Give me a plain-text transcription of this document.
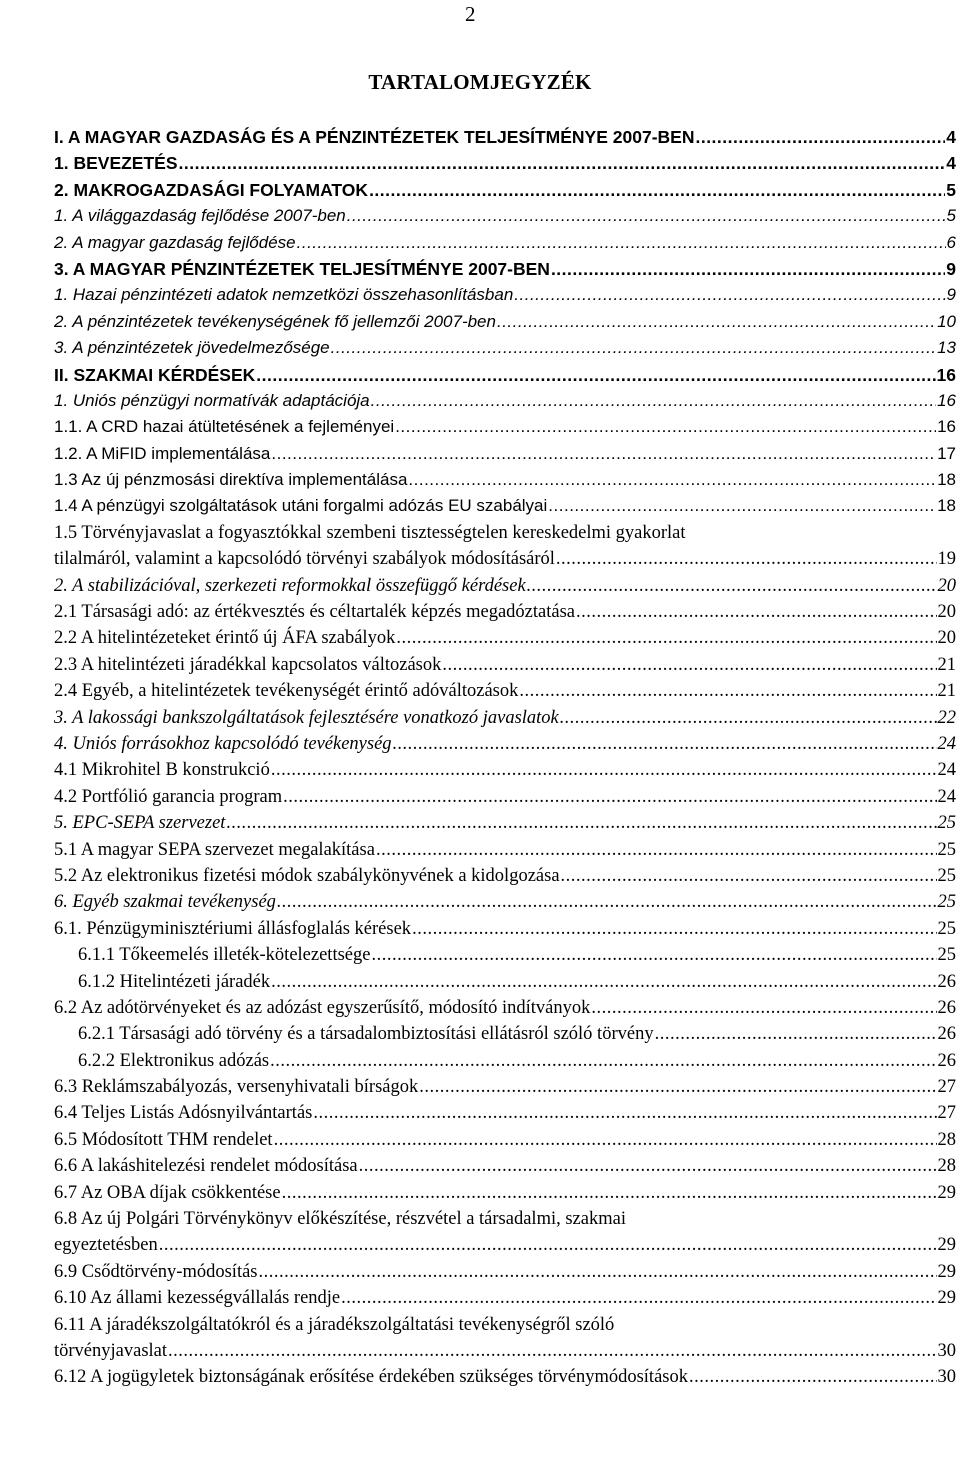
2
TARTALOMJEGYZÉK
I. A MAGYAR GAZDASÁG ÉS A PÉNZINTÉZETEK TELJESÍTMÉNYE 2007-BEN .....	4
1. BEVEZETÉS .....	4
2. MAKROGAZDASÁGI FOLYAMATOK .....	5
1. A világgazdaság fejlődése 2007-ben .....	5
2. A magyar gazdaság fejlődése .....	6
3. A MAGYAR PÉNZINTÉZETEK TELJESÍTMÉNYE 2007-BEN .....	9
1. Hazai pénzintézeti adatok nemzetközi összehasonlításban .....	9
2. A pénzintézetek tevékenységének fő jellemzői 2007-ben .....	10
3. A pénzintézetek jövedelmezősége .....	13
II. SZAKMAI KÉRDÉSEK .....	16
1. Uniós pénzügyi normatívák adaptációja .....	16
1.1. A CRD hazai átültetésének a fejleményei .....	16
1.2. A MiFID implementálása .....	17
1.3 Az új pénzmosási direktíva implementálása .....	18
1.4 A pénzügyi szolgáltatások utáni forgalmi adózás EU szabályai .....	18
1.5 Törvényjavaslat a fogyasztókkal szembeni tisztességtelen kereskedelmi gyakorlat
tilalmáról, valamint a kapcsolódó törvényi szabályok módosításáról .....	19
2. A stabilizációval, szerkezeti reformokkal összefüggő kérdések .....	20
2.1 Társasági adó: az értékvesztés és céltartalék képzés megadóztatása .....	20
2.2 A hitelintézeteket érintő új ÁFA szabályok .....	20
2.3 A hitelintézeti járadékkal kapcsolatos változások .....	21
2.4 Egyéb, a hitelintézetek tevékenységét érintő adóváltozások .....	21
3. A lakossági bankszolgáltatások fejlesztésére vonatkozó javaslatok .....	22
4. Uniós forrásokhoz kapcsolódó tevékenység .....	24
4.1 Mikrohitel B konstrukció .....	24
4.2 Portfólió garancia program .....	24
5. EPC-SEPA szervezet .....	25
5.1 A magyar SEPA szervezet megalakítása .....	25
5.2 Az elektronikus fizetési módok szabálykönyvének a kidolgozása .....	25
6. Egyéb szakmai tevékenység .....	25
6.1. Pénzügyminisztériumi állásfoglalás kérések .....	25
6.1.1 Tőkeemelés illeték-kötelezettsége .....	25
6.1.2 Hitelintézeti járadék .....	26
6.2 Az adótörvényeket és az adózást egyszerűsítő, módosító indítványok .....	26
6.2.1 Társasági adó törvény és a társadalombiztosítási ellátásról szóló törvény .....	26
6.2.2 Elektronikus adózás .....	26
6.3 Reklámszabályozás, versenyhivatali bírságok .....	27
6.4 Teljes Listás Adósnyilvántartás .....	27
6.5 Módosított THM rendelet .....	28
6.6 A lakáshitelezési rendelet módosítása .....	28
6.7 Az OBA díjak csökkentése .....	29
6.8 Az új Polgári Törvénykönyv előkészítése, részvétel a társadalmi, szakmai
egyeztetésben .....	29
6.9 Csődtörvény-módosítás .....	29
6.10 Az állami kezességvállalás rendje .....	29
6.11 A járadékszolgáltatókról és a járadékszolgáltatási tevékenységről szóló
törvényjavaslat .....	30
6.12 A jogügyletek biztonságának erősítése érdekében szükséges törvénymódosítások .....	30
